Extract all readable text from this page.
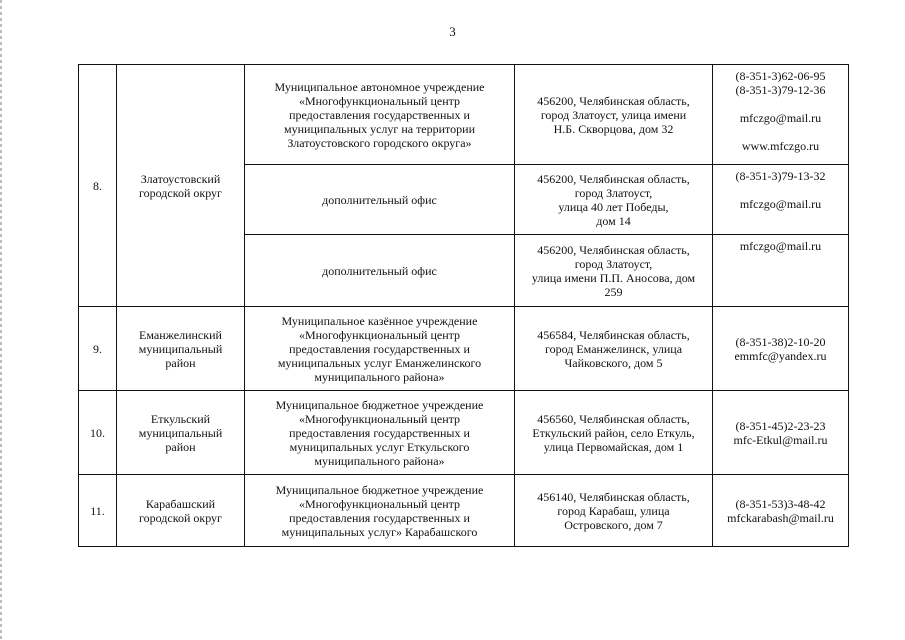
3
8.	Златоустовский
городской округ	Муниципальное автономное учреждение
«Многофункциональный центр
предоставления государственных и
муниципальных услуг на территории
Златоустовского городского округа»	456200, Челябинская область,
город Златоуст, улица имени
Н.Б. Скворцова, дом 32	(8-351-3)62-06-95
(8-351-3)79-12-36
mfczgo@mail.ru
www.mfczgo.ru

		дополнительный офис	456200, Челябинская область,
город Златоуст,
улица 40 лет Победы,
дом 14	(8-351-3)79-13-32
mfczgo@mail.ru

		дополнительный офис	456200, Челябинская область,
город Златоуст,
улица имени П.П. Аносова, дом
259	mfczgo@mail.ru

9.	Еманжелинский
муниципальный
район	Муниципальное казённое учреждение
«Многофункциональный центр
предоставления государственных и
муниципальных услуг Еманжелинского
муниципального района»	456584, Челябинская область,
город Еманжелинск, улица
Чайковского, дом 5	(8-351-38)2-10-20
emmfc@yandex.ru

10.	Еткульский
муниципальный
район	Муниципальное бюджетное учреждение
«Многофункциональный центр
предоставления государственных и
муниципальных услуг Еткульского
муниципального района»	456560, Челябинская область,
Еткульский район, село Еткуль,
улица Первомайская, дом 1	(8-351-45)2-23-23
mfc-Etkul@mail.ru

11.	Карабашский
городской округ	Муниципальное бюджетное учреждение
«Многофункциональный центр
предоставления государственных и
муниципальных услуг» Карабашского	456140, Челябинская область,
город Карабаш, улица
Островского, дом 7	(8-351-53)3-48-42
mfckarabash@mail.ru
